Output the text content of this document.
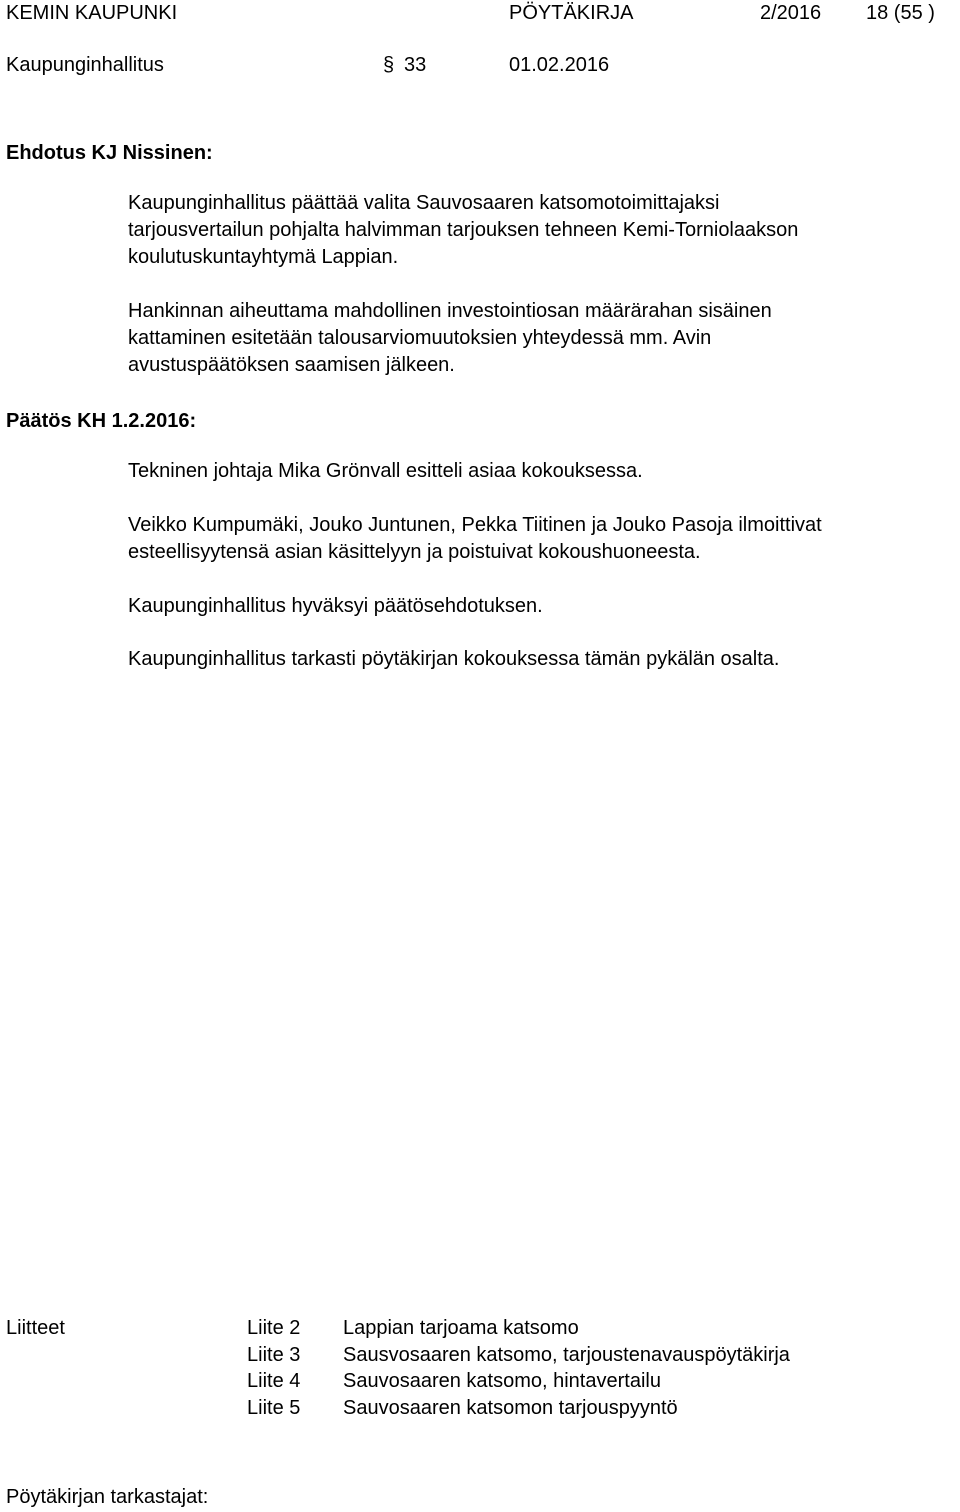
KEMIN KAUPUNKI	PÖYTÄKIRJA	2/2016 18 (55 )
Kaupunginhallitus	§ 33	01.02.2016
Ehdotus KJ Nissinen:
Kaupunginhallitus päättää valita Sauvosaaren katsomotoimittajaksi
tarjousvertailun pohjalta halvimman tarjouksen tehneen Kemi-Torniolaakson
koulutuskuntayhtymä Lappian.
Hankinnan aiheuttama mahdollinen investointiosan määrärahan sisäinen
kattaminen esitetään talousarviomuutoksien yhteydessä mm. Avin
avustuspäätöksen saamisen jälkeen.
Päätös KH 1.2.2016:
Tekninen johtaja Mika Grönvall esitteli asiaa kokouksessa.
Veikko Kumpumäki, Jouko Juntunen, Pekka Tiitinen ja Jouko Pasoja ilmoittivat
esteellisyytensä asian käsittelyyn ja poistuivat kokoushuoneesta.
Kaupunginhallitus hyväksyi päätösehdotuksen.
Kaupunginhallitus tarkasti pöytäkirjan kokouksessa tämän pykälän osalta.
Liitteet	Liite 2 Lappian tarjoama katsomo
Liite 3 Sausvosaaren katsomo, tarjoustenavauspöytäkirja
Liite 4 Sauvosaaren katsomo, hintavertailu
Liite 5 Sauvosaaren katsomon tarjouspyyntö
Pöytäkirjan tarkastajat:
